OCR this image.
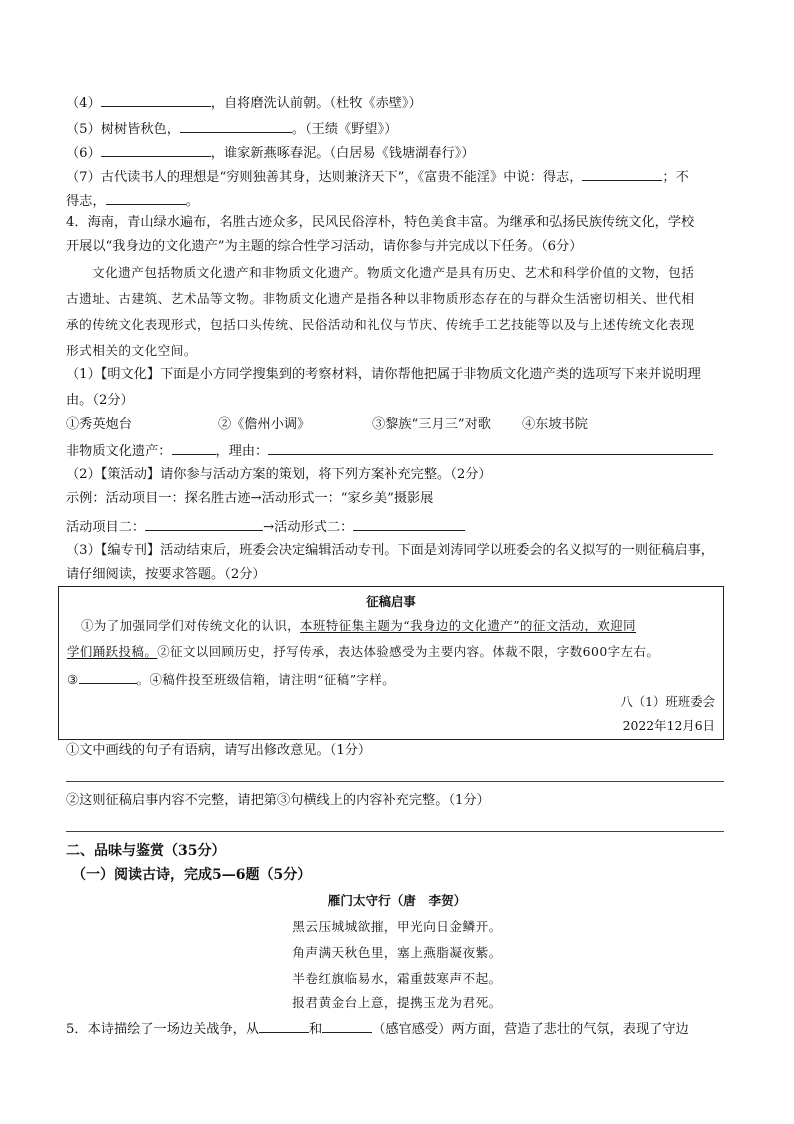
（4）	，自将磨洗认前朝。（杜牧《赤壁》）
（5）树树皆秋色，	。（王绩《野望》）
（6）	，谁家新燕啄春泥。（白居易《钱塘湖春行》）
（7）古代读书人的理想是“穷则独善其身，达则兼济天下”，《富贵不能淫》中说：得志，	；不
得志，	。
4．海南，青山绿水遍布，名胜古迹众多，民风民俗淳朴，特色美食丰富。为继承和弘扬民族传统文化，学校
开展以“我身边的文化遗产”为主题的综合性学习活动，请你参与并完成以下任务。（6分）
文化遗产包括物质文化遗产和非物质文化遗产。物质文化遗产是具有历史、艺术和科学价值的文物，包括
古遗址、古建筑、艺术品等文物。非物质文化遗产是指各种以非物质形态存在的与群众生活密切相关、世代相
承的传统文化表现形式，包括口头传统、民俗活动和礼仪与节庆、传统手工艺技能等以及与上述传统文化表现
形式相关的文化空间。
（1）【明文化】下面是小方同学搜集到的考察材料，请你帮他把属于非物质文化遗产类的选项写下来并说明理
由。（2分）
①秀英炮台	②《儋州小调》	③黎族“三月三”对歌 ④东坡书院
非物质文化遗产：	，理由：
（2）【策活动】请你参与活动方案的策划，将下列方案补充完整。（2分）
示例：活动项目一：探名胜古迹→活动形式一：“家乡美”摄影展
活动项目二：	→活动形式二：
（3）【编专刊】活动结束后，班委会决定编辑活动专刊。下面是刘涛同学以班委会的名义拟写的一则征稿启事，
请仔细阅读，按要求答题。（2分）
征稿启事
①为了加强同学们对传统文化的认识，本班特征集主题为“我身边的文化遗产”的征文活动，欢迎同
学们踊跃投稿。②征文以回顾历史，抒写传承，表达体验感受为主要内容。体裁不限，字数600字左右。
③	。④稿件投至班级信箱，请注明“征稿”字样。
八（1）班班委会
2022年12月6日
①文中画线的句子有语病，请写出修改意见。（1分）
②这则征稿启事内容不完整，请把第③句横线上的内容补充完整。（1分）
二、品味与鉴赏（35分）
（一）阅读古诗，完成5—6题（5分）
雁门太守行（唐　李贺）
黑云压城城欲摧，甲光向日金鳞开。
角声满天秋色里，塞上燕脂凝夜紫。
半卷红旗临易水，霜重鼓寒声不起。
报君黄金台上意，提携玉龙为君死。
5．本诗描绘了一场边关战争，从	和	（感官感受）两方面，营造了悲壮的气氛，表现了守边
